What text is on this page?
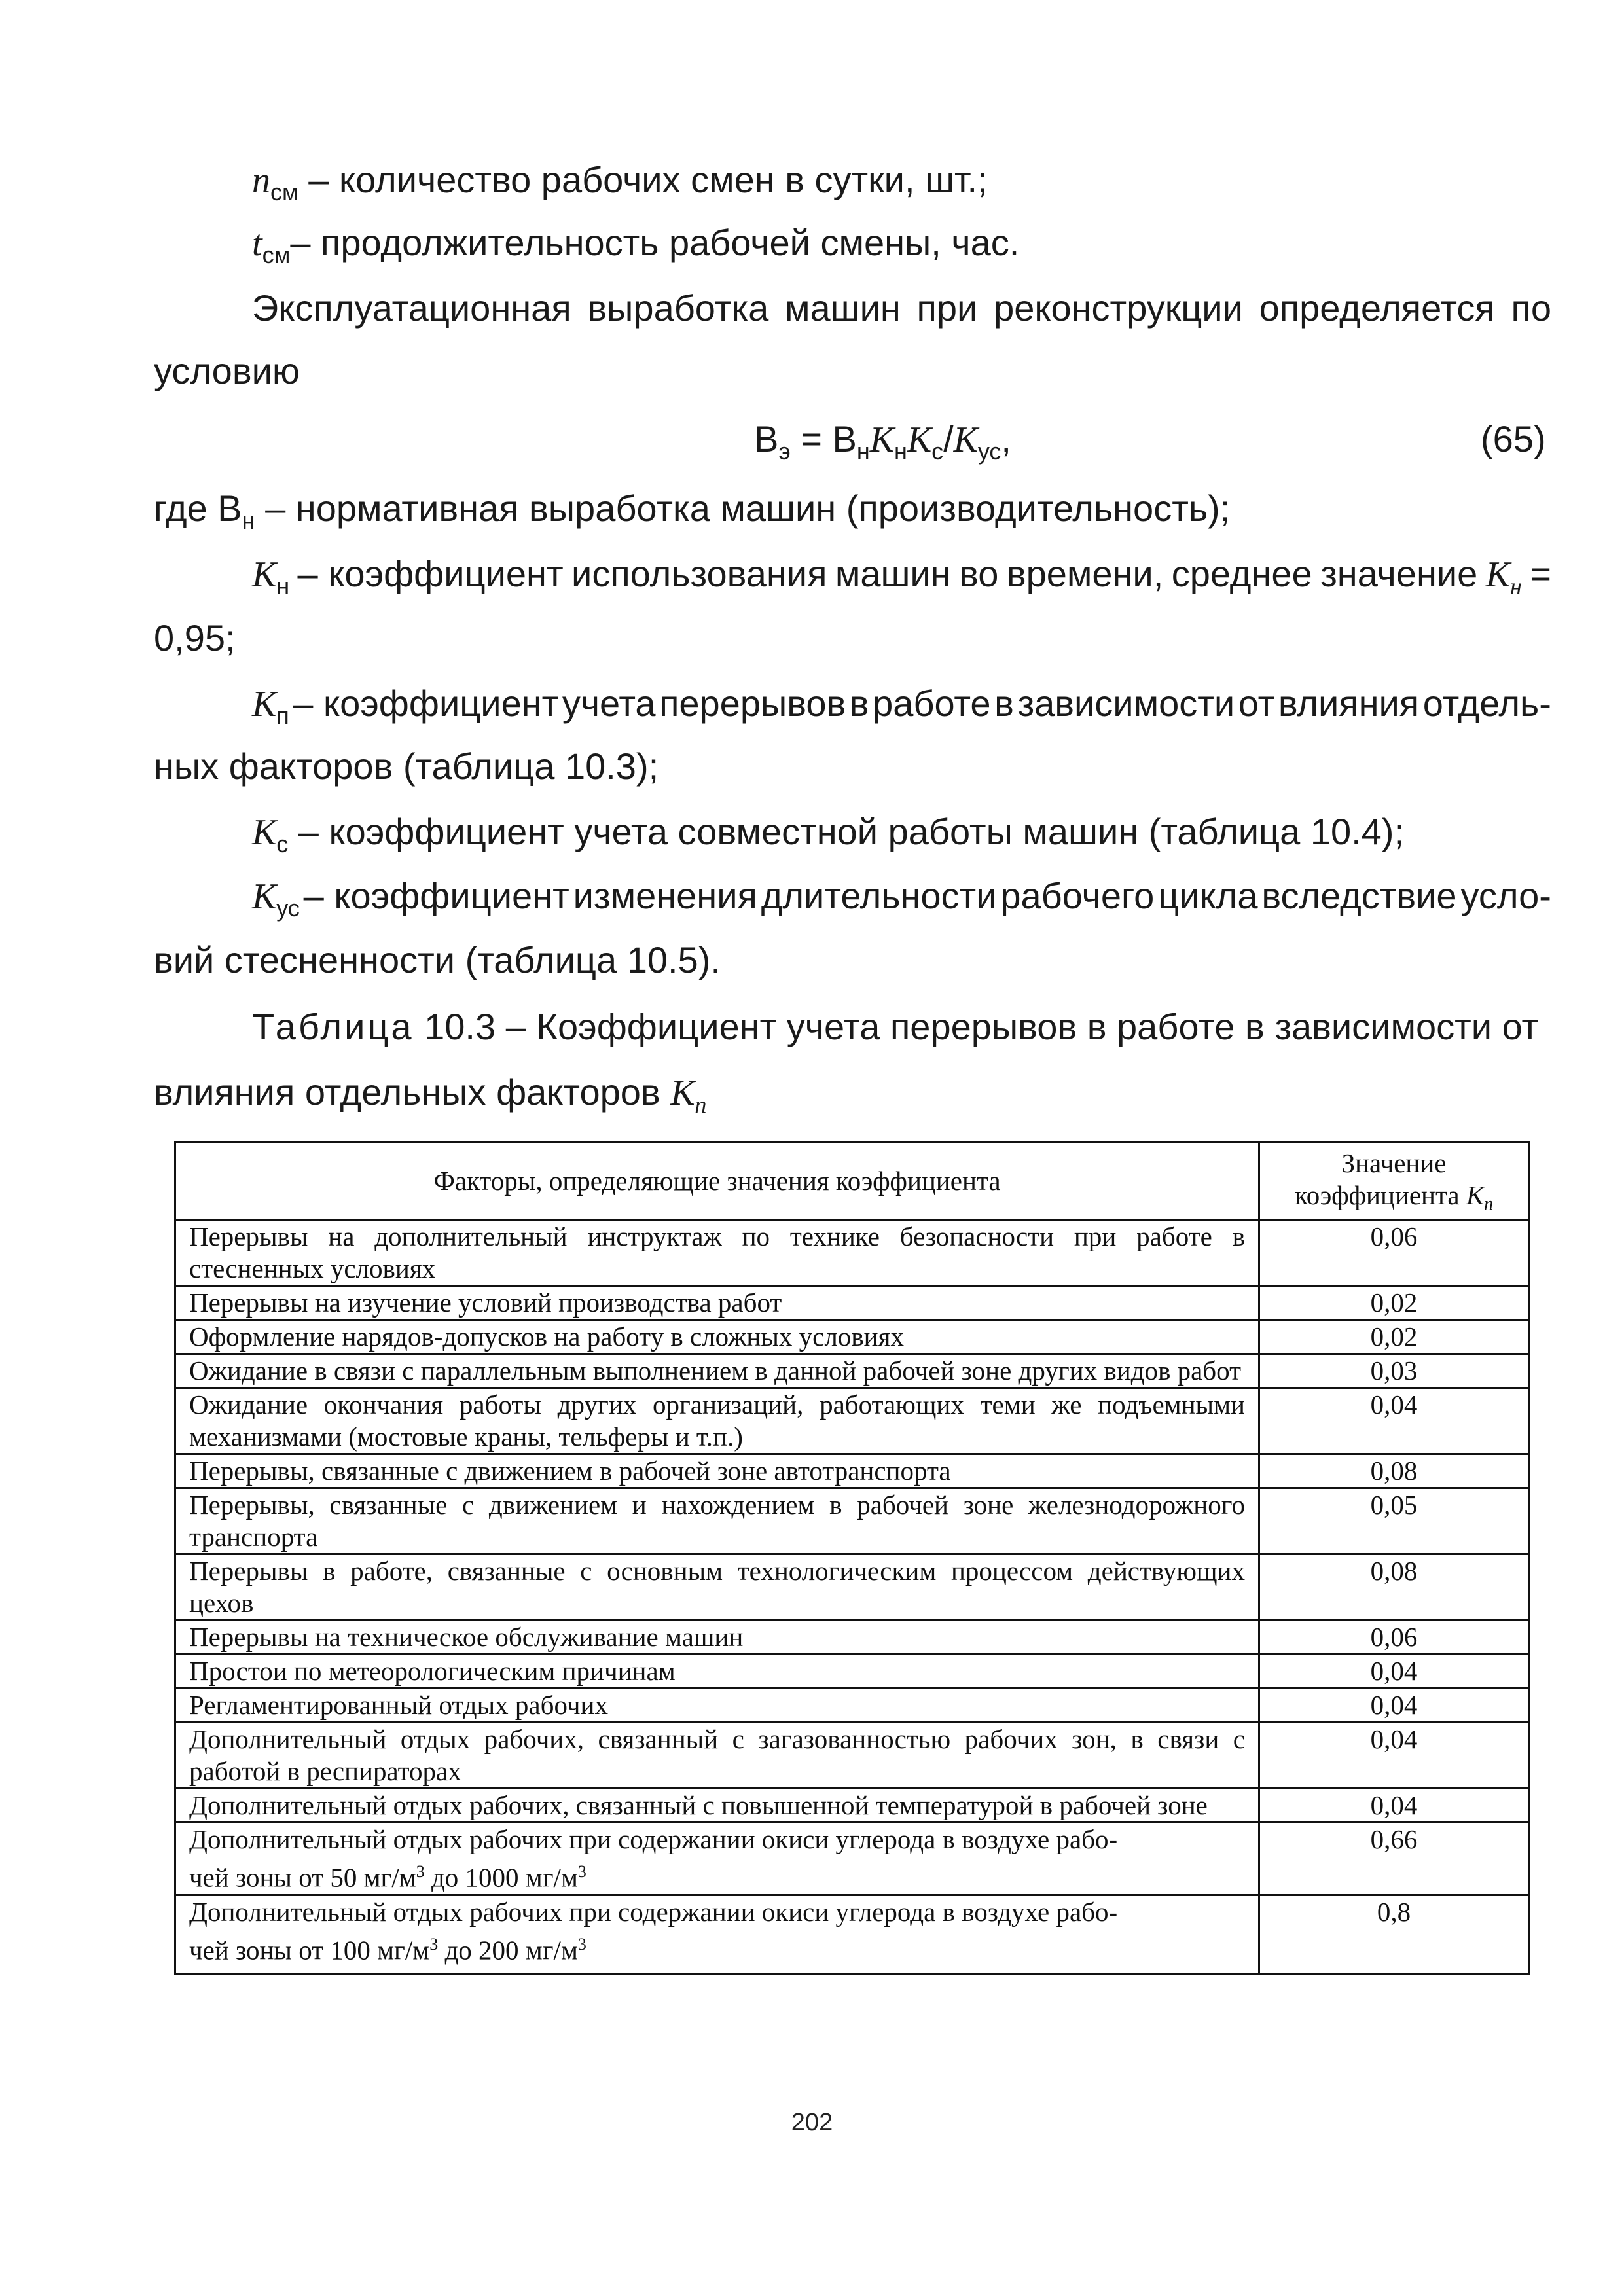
$n_{см}$ – количество рабочих смен в сутки, шт.;
$t_{см}-$ продолжительность рабочей смены, час.
Эксплуатационная выработка машин при реконструкции определяется по
условию
$В_э = В_нК_нК_с/К_{ус}$,	(65)
где $В_н$ – нормативная выработка машин (производительность);
$К_н$ – коэффициент использования машин во времени, среднее значение $К_н$ =
0,95;
$К_п$ – коэффициент учета перерывов в работе в зависимости от влияния отдель-
ных факторов (таблица 10.3);
$К_с$ – коэффициент учета совместной работы машин (таблица 10.4);
$К_{ус}$ – коэффициент изменения длительности рабочего цикла вследствие усло-
вий стесненности (таблица 10.5).
Таблица 10.3 – Коэффициент учета перерывов в работе в зависимости от
влияния отдельных факторов $К_п$
Факторы, определяющие значения коэффициента	Значение
коэффициента Кп
Перерывы на дополнительный инструктаж по технике безопасности при работе в стесненных условиях	0,06
Перерывы на изучение условий производства работ	0,02
Оформление нарядов-допусков на работу в сложных условиях	0,02
Ожидание в связи с параллельным выполнением в данной рабочей зоне других видов работ	0,03
Ожидание окончания работы других организаций, работающих теми же подъемными механизмами (мостовые краны, тельферы и т.п.)	0,04
Перерывы, связанные с движением в рабочей зоне автотранспорта	0,08
Перерывы, связанные с движением и нахождением в рабочей зоне железнодорожного транспорта	0,05
Перерывы в работе, связанные с основным технологическим процессом действующих цехов	0,08
Перерывы на техническое обслуживание машин	0,06
Простои по метеорологическим причинам	0,04
Регламентированный отдых рабочих	0,04
Дополнительный отдых рабочих, связанный с загазованностью рабочих зон, в связи с работой в респираторах	0,04
Дополнительный отдых рабочих, связанный с повышенной температурой в рабочей зоне	0,04
Дополнительный отдых рабочих при содержании окиси углерода в воздухе рабо-
чей зоны от 50 $мг/м^3$ до 1000 $мг/м^3$	0,66
Дополнительный отдых рабочих при содержании окиси углерода в воздухе рабо-
чей зоны от 100 $мг/м^3$ до 200 $мг/м^3$	0,8
202
